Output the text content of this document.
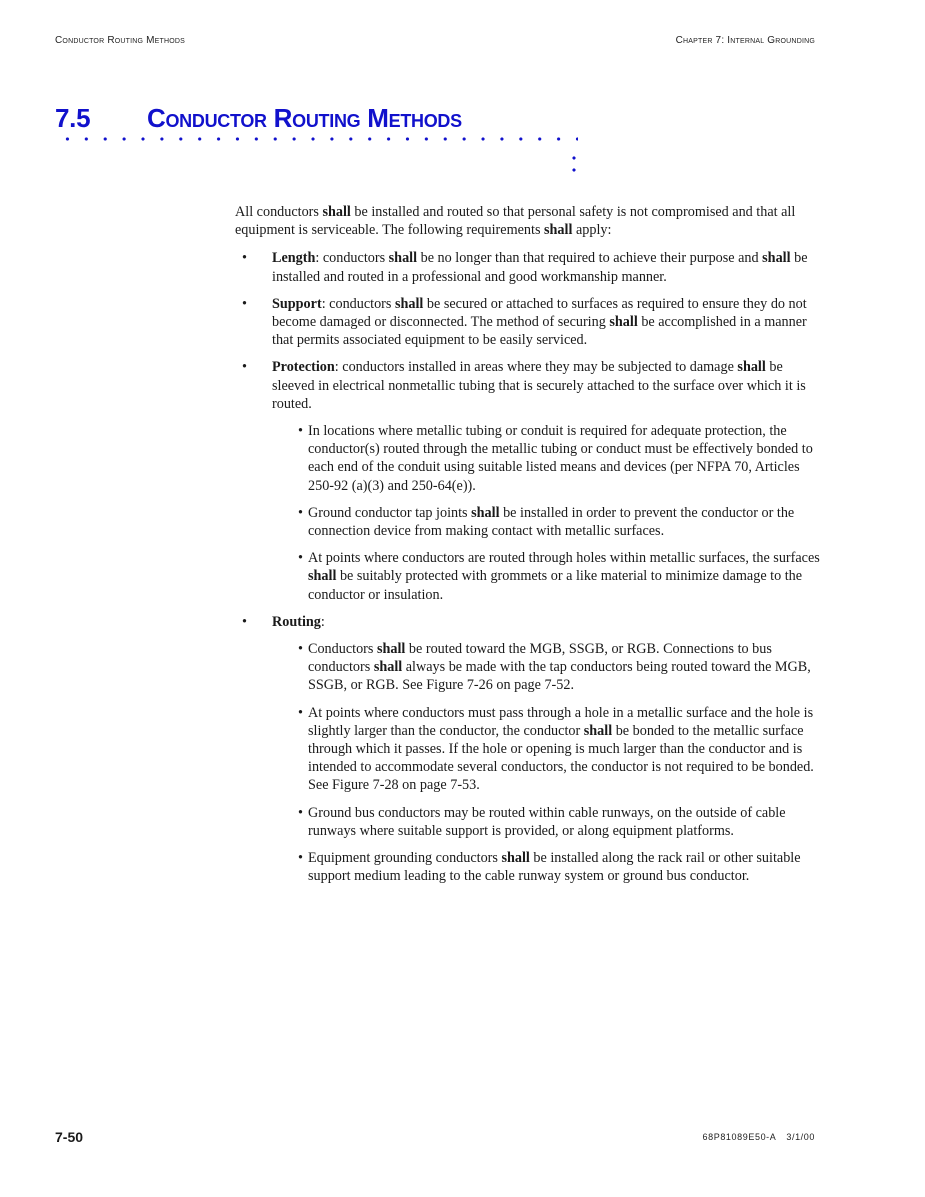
Conductor Routing Methods	Chapter 7: Internal Grounding
7.5 Conductor Routing Methods

All conductors shall be installed and routed so that personal safety is not compromised and that all equipment is serviceable. The following requirements shall apply:

• Length: conductors shall be no longer than that required to achieve their purpose and shall be installed and routed in a professional and good workmanship manner.
• Support: conductors shall be secured or attached to surfaces as required to ensure they do not become damaged or disconnected. The method of securing shall be accomplished in a manner that permits associated equipment to be easily serviced.
• Protection: conductors installed in areas where they may be subjected to damage shall be sleeved in electrical nonmetallic tubing that is securely attached to the surface over which it is routed.
• In locations where metallic tubing or conduit is required for adequate protection, the conductor(s) routed through the metallic tubing or conduct must be effectively bonded to each end of the conduit using suitable listed means and devices (per NFPA 70, Articles 250-92 (a)(3) and 250-64(e)).
• Ground conductor tap joints shall be installed in order to prevent the conductor or the connection device from making contact with metallic surfaces.
• At points where conductors are routed through holes within metallic surfaces, the surfaces shall be suitably protected with grommets or a like material to minimize damage to the conductor or insulation.
• Routing:
• Conductors shall be routed toward the MGB, SSGB, or RGB. Connections to bus conductors shall always be made with the tap conductors being routed toward the MGB, SSGB, or RGB. See Figure 7-26 on page 7-52.
• At points where conductors must pass through a hole in a metallic surface and the hole is slightly larger than the conductor, the conductor shall be bonded to the metallic surface through which it passes. If the hole or opening is much larger than the conductor and is intended to accommodate several conductors, the conductor is not required to be bonded. See Figure 7-28 on page 7-53.
• Ground bus conductors may be routed within cable runways, on the outside of cable runways where suitable support is provided, or along equipment platforms.
• Equipment grounding conductors shall be installed along the rack rail or other suitable support medium leading to the cable runway system or ground bus conductor.
7-50	68P81089E50-A 3/1/00
